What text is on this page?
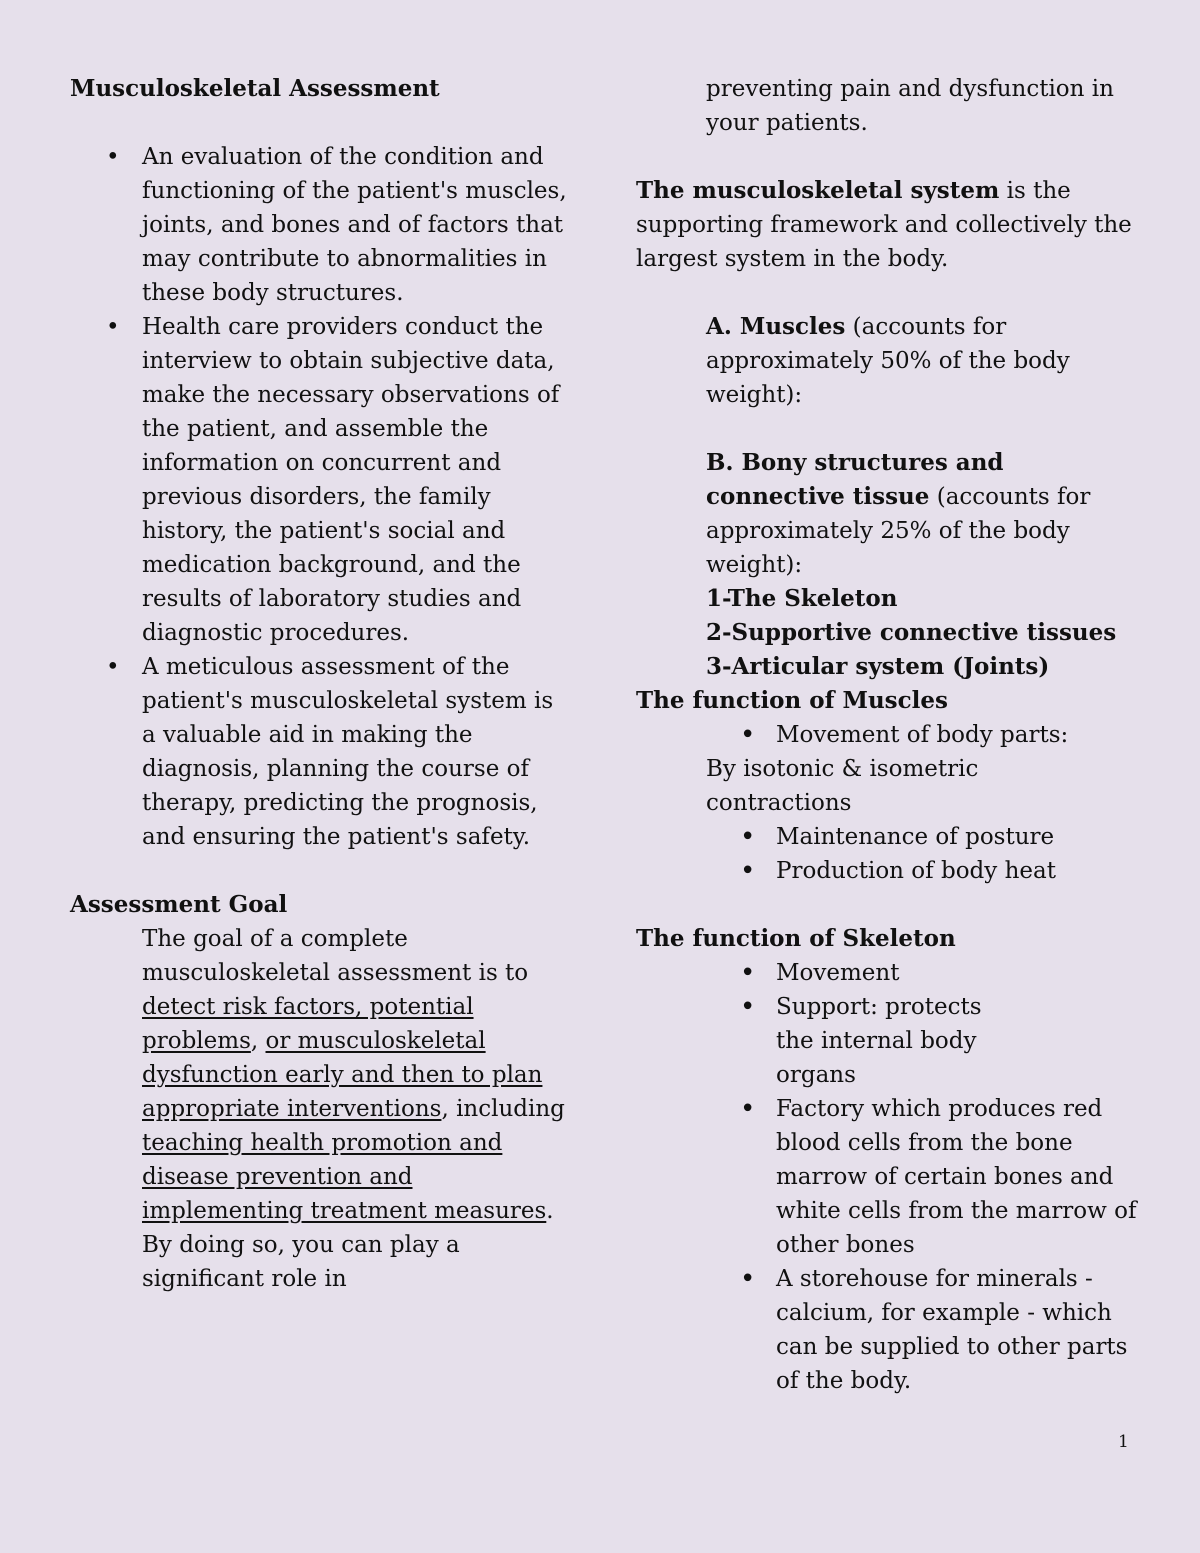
Musculoskeletal Assessment
• An evaluation of the condition and functioning of the patient's muscles, joints, and bones and of factors that may contribute to abnormalities in these body structures.
• Health care providers conduct the interview to obtain subjective data, make the necessary observations of the patient, and assemble the information on concurrent and previous disorders, the family history, the patient's social and medication background, and the results of laboratory studies and diagnostic procedures.
• A meticulous assessment of the patient's musculoskeletal system is a valuable aid in making the diagnosis, planning the course of therapy, predicting the prognosis, and ensuring the patient's safety.
Assessment Goal

The goal of a complete musculoskeletal assessment is to detect risk factors, potential problems, or musculoskeletal dysfunction early and then to plan appropriate interventions, including teaching health promotion and disease prevention and implementing treatment measures. By doing so, you can play a significant role in

preventing pain and dysfunction in your patients.

The musculoskeletal system is the supporting framework and collectively the largest system in the body.

A. Muscles (accounts for approximately 50% of the body weight):

B. Bony structures and connective tissue (accounts for approximately 25% of the body weight):

1-The Skeleton

2-Supportive connective tissues

3-Articular system (Joints)

The function of Muscles
• Movement of body parts:

By isotonic & isometric contractions

• Maintenance of posture
• Production of body heat
The function of Skeleton
• Movement
• Support: protects the internal body organs
• Factory which produces red blood cells from the bone marrow of certain bones and white cells from the marrow of other bones
• A storehouse for minerals - calcium, for example - which can be supplied to other parts of the body.
1
